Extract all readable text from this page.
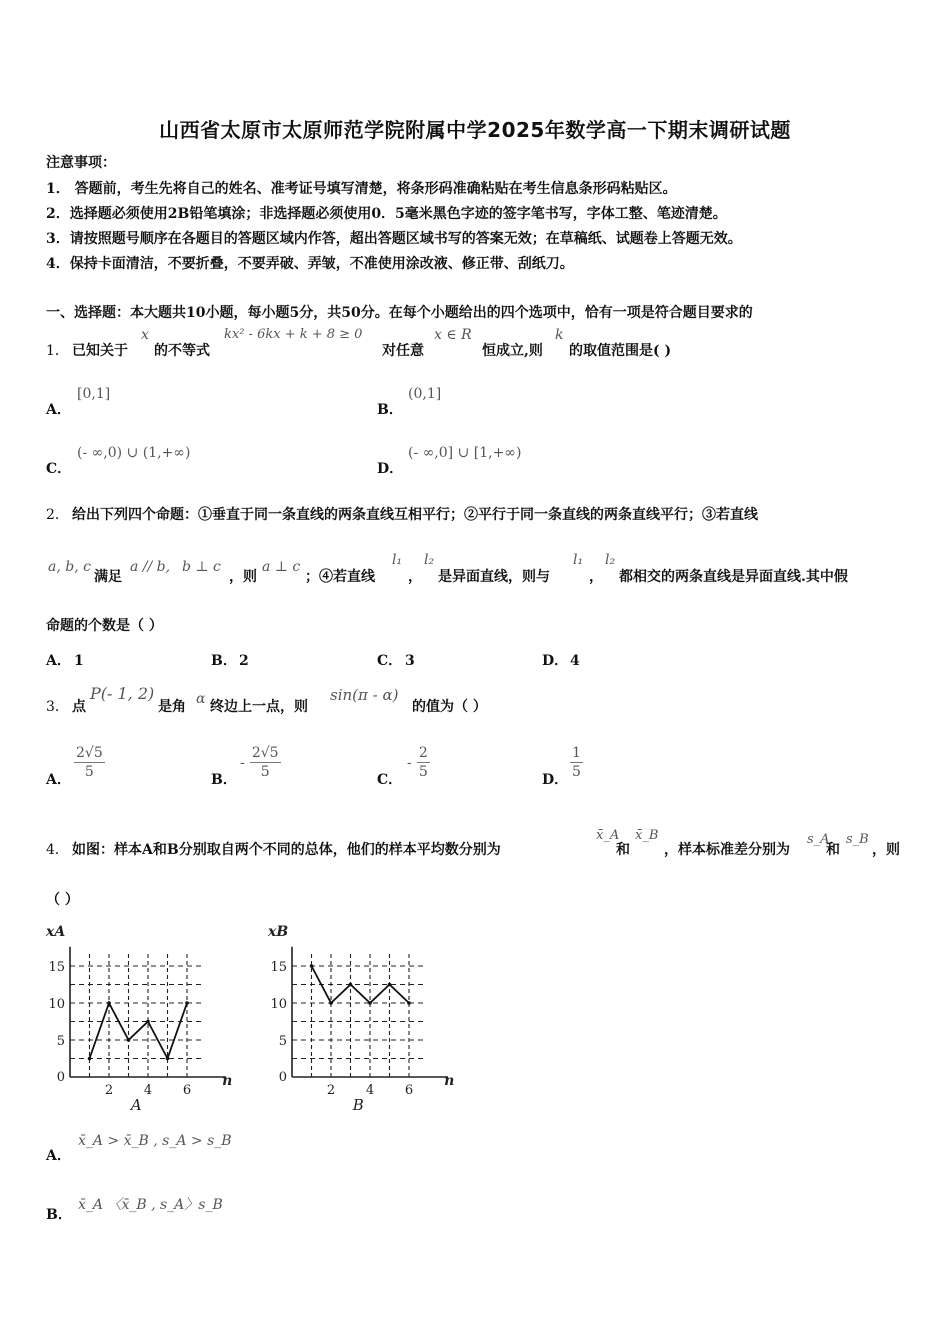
山西省太原市太原师范学院附属中学2025年数学高一下期末调研试题
注意事项：
1． 答题前，考生先将自己的姓名、准考证号填写清楚，将条形码准确粘贴在考生信息条形码粘贴区。
2．选择题必须使用2B铅笔填涂；非选择题必须使用0．5毫米黑色字迹的签字笔书写，字体工整、笔迹清楚。
3．请按照题号顺序在各题目的答题区域内作答，超出答题区域书写的答案无效；在草稿纸、试题卷上答题无效。
4．保持卡面清洁，不要折叠，不要弄破、弄皱，不准使用涂改液、修正带、刮纸刀。
一、选择题：本大题共10小题，每小题5分，共50分。在每个小题给出的四个选项中，恰有一项是符合题目要求的
1． 已知关于
x
的不等式
kx² - 6kx + k + 8 ≥ 0
对任意
x ∈ R
恒成立,则
k
的取值范围是( )
A．
[0,1]
B．
(0,1]
C．
(- ∞,0) ∪ (1,+∞)
D．
(- ∞,0] ∪ [1,+∞)
2． 给出下列四个命题：①垂直于同一条直线的两条直线互相平行；②平行于同一条直线的两条直线平行；③若直线
a, b, c
满足
a // b, b ⊥ c
，则
a ⊥ c
；④若直线
l₁
，
l₂
是异面直线，则与
l₁
，
l₂
都相交的两条直线是异面直线.其中假
命题的个数是（ ）
A． 1	B． 2	C． 3	D． 4
3． 点
P(- 1, 2)
是角 α 终边上一点，则
sin(π - α)
的值为（ ）
A． $\frac{2√5}{5}$	B．
- $\frac{2√5}{5}$	C．
- $\frac{2}{5}$	D． $\frac{1}{5}$
4． 如图：样本A和B分别取自两个不同的总体，他们的样本平均数分别为
x̄_A
和
x̄_B
，样本标准差分别为
s_A
和
s_B
，则
（ ）
0
5
10
15
2 4 6
xA
n
A
0
5
10
15
2 4 6
xB
n
B
A．
x̄_A > x̄_B , s_A > s_B
B．
x̄_A 〈x̄_B , s_A〉s_B
